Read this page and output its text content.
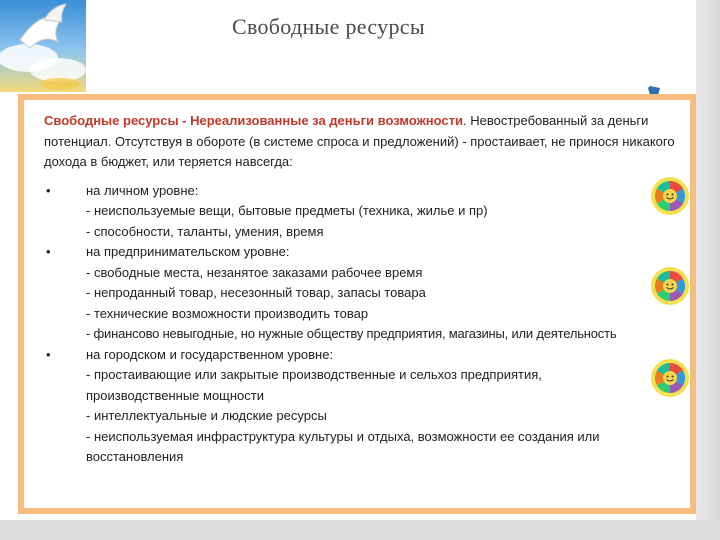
Свободные ресурсы

Свободные ресурсы - Нереализованные за деньги возможности. Невостребованный за деньги потенциал. Отсутствуя в обороте (в системе спроса и предложений) - простаивает, не принося никакого дохода в бюджет, или теряется навсегда:

•	на личном уровне:
- неиспользуемые вещи, бытовые предметы (техника, жилье и пр)
- способности, таланты, умения, время
•	на предпринимательском уровне:
- свободные места, незанятое заказами рабочее время
- непроданный товар, несезонный товар, запасы товара
- технические возможности производить товар
- финансово невыгодные, но нужные обществу предприятия, магазины, или деятельность
•	на городском и государственном уровне:
- простаивающие или закрытые производственные и сельхоз предприятия, производственные мощности
- интеллектуальные и людские ресурсы
- неиспользуемая инфраструктура культуры и отдыха, возможности ее создания или восстановления
